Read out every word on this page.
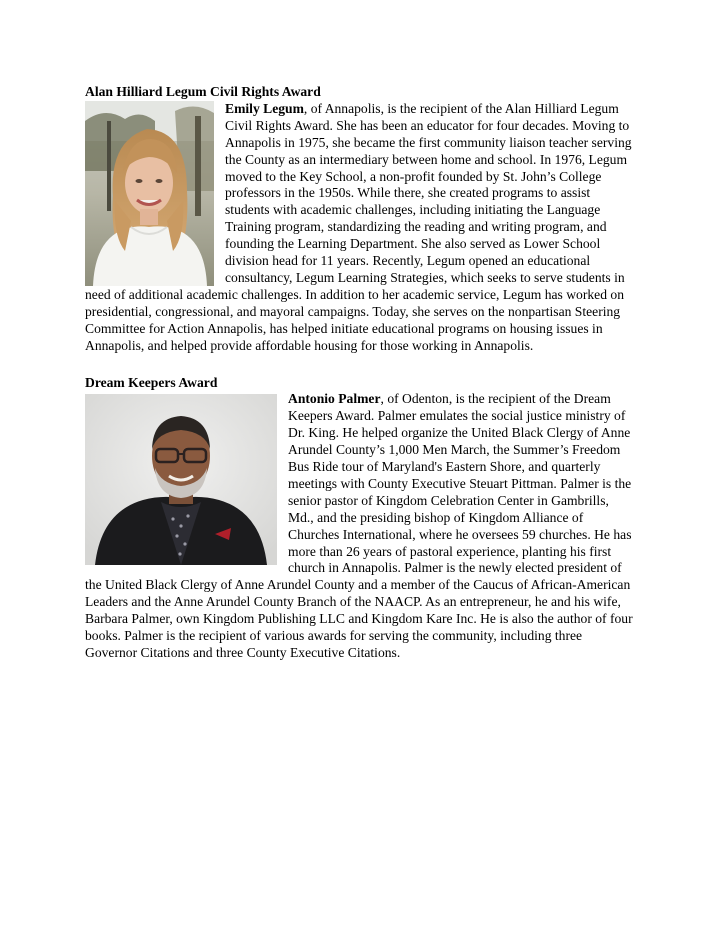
Alan Hilliard Legum Civil Rights Award

Emily Legum, of Annapolis, is the recipient of the Alan Hilliard Legum Civil Rights Award. She has been an educator for four decades. Moving to Annapolis in 1975, she became the first community liaison teacher serving the County as an intermediary between home and school. In 1976, Legum moved to the Key School, a non-profit founded by St. John’s College professors in the 1950s. While there, she created programs to assist students with academic challenges, including initiating the Language Training program, standardizing the reading and writing program, and founding the Learning Department. She also served as Lower School division head for 11 years. Recently, Legum opened an educational consultancy, Legum Learning Strategies, which seeks to serve students in need of additional academic challenges. In addition to her academic service, Legum has worked on presidential, congressional, and mayoral campaigns. Today, she serves on the nonpartisan Steering Committee for Action Annapolis, has helped initiate educational programs on housing issues in Annapolis, and helped provide affordable housing for those working in Annapolis.

Dream Keepers Award

Antonio Palmer, of Odenton, is the recipient of the Dream Keepers Award. Palmer emulates the social justice ministry of Dr. King. He helped organize the United Black Clergy of Anne Arundel County’s 1,000 Men March, the Summer’s Freedom Bus Ride tour of Maryland's Eastern Shore, and quarterly meetings with County Executive Steuart Pittman. Palmer is the senior pastor of Kingdom Celebration Center in Gambrills, Md., and the presiding bishop of Kingdom Alliance of Churches International, where he oversees 59 churches. He has more than 26 years of pastoral experience, planting his first church in Annapolis. Palmer is the newly elected president of the United Black Clergy of Anne Arundel County and a member of the Caucus of African-American Leaders and the Anne Arundel County Branch of the NAACP. As an entrepreneur, he and his wife, Barbara Palmer, own Kingdom Publishing LLC and Kingdom Kare Inc. He is also the author of four books. Palmer is the recipient of various awards for serving the community, including three Governor Citations and three County Executive Citations.
